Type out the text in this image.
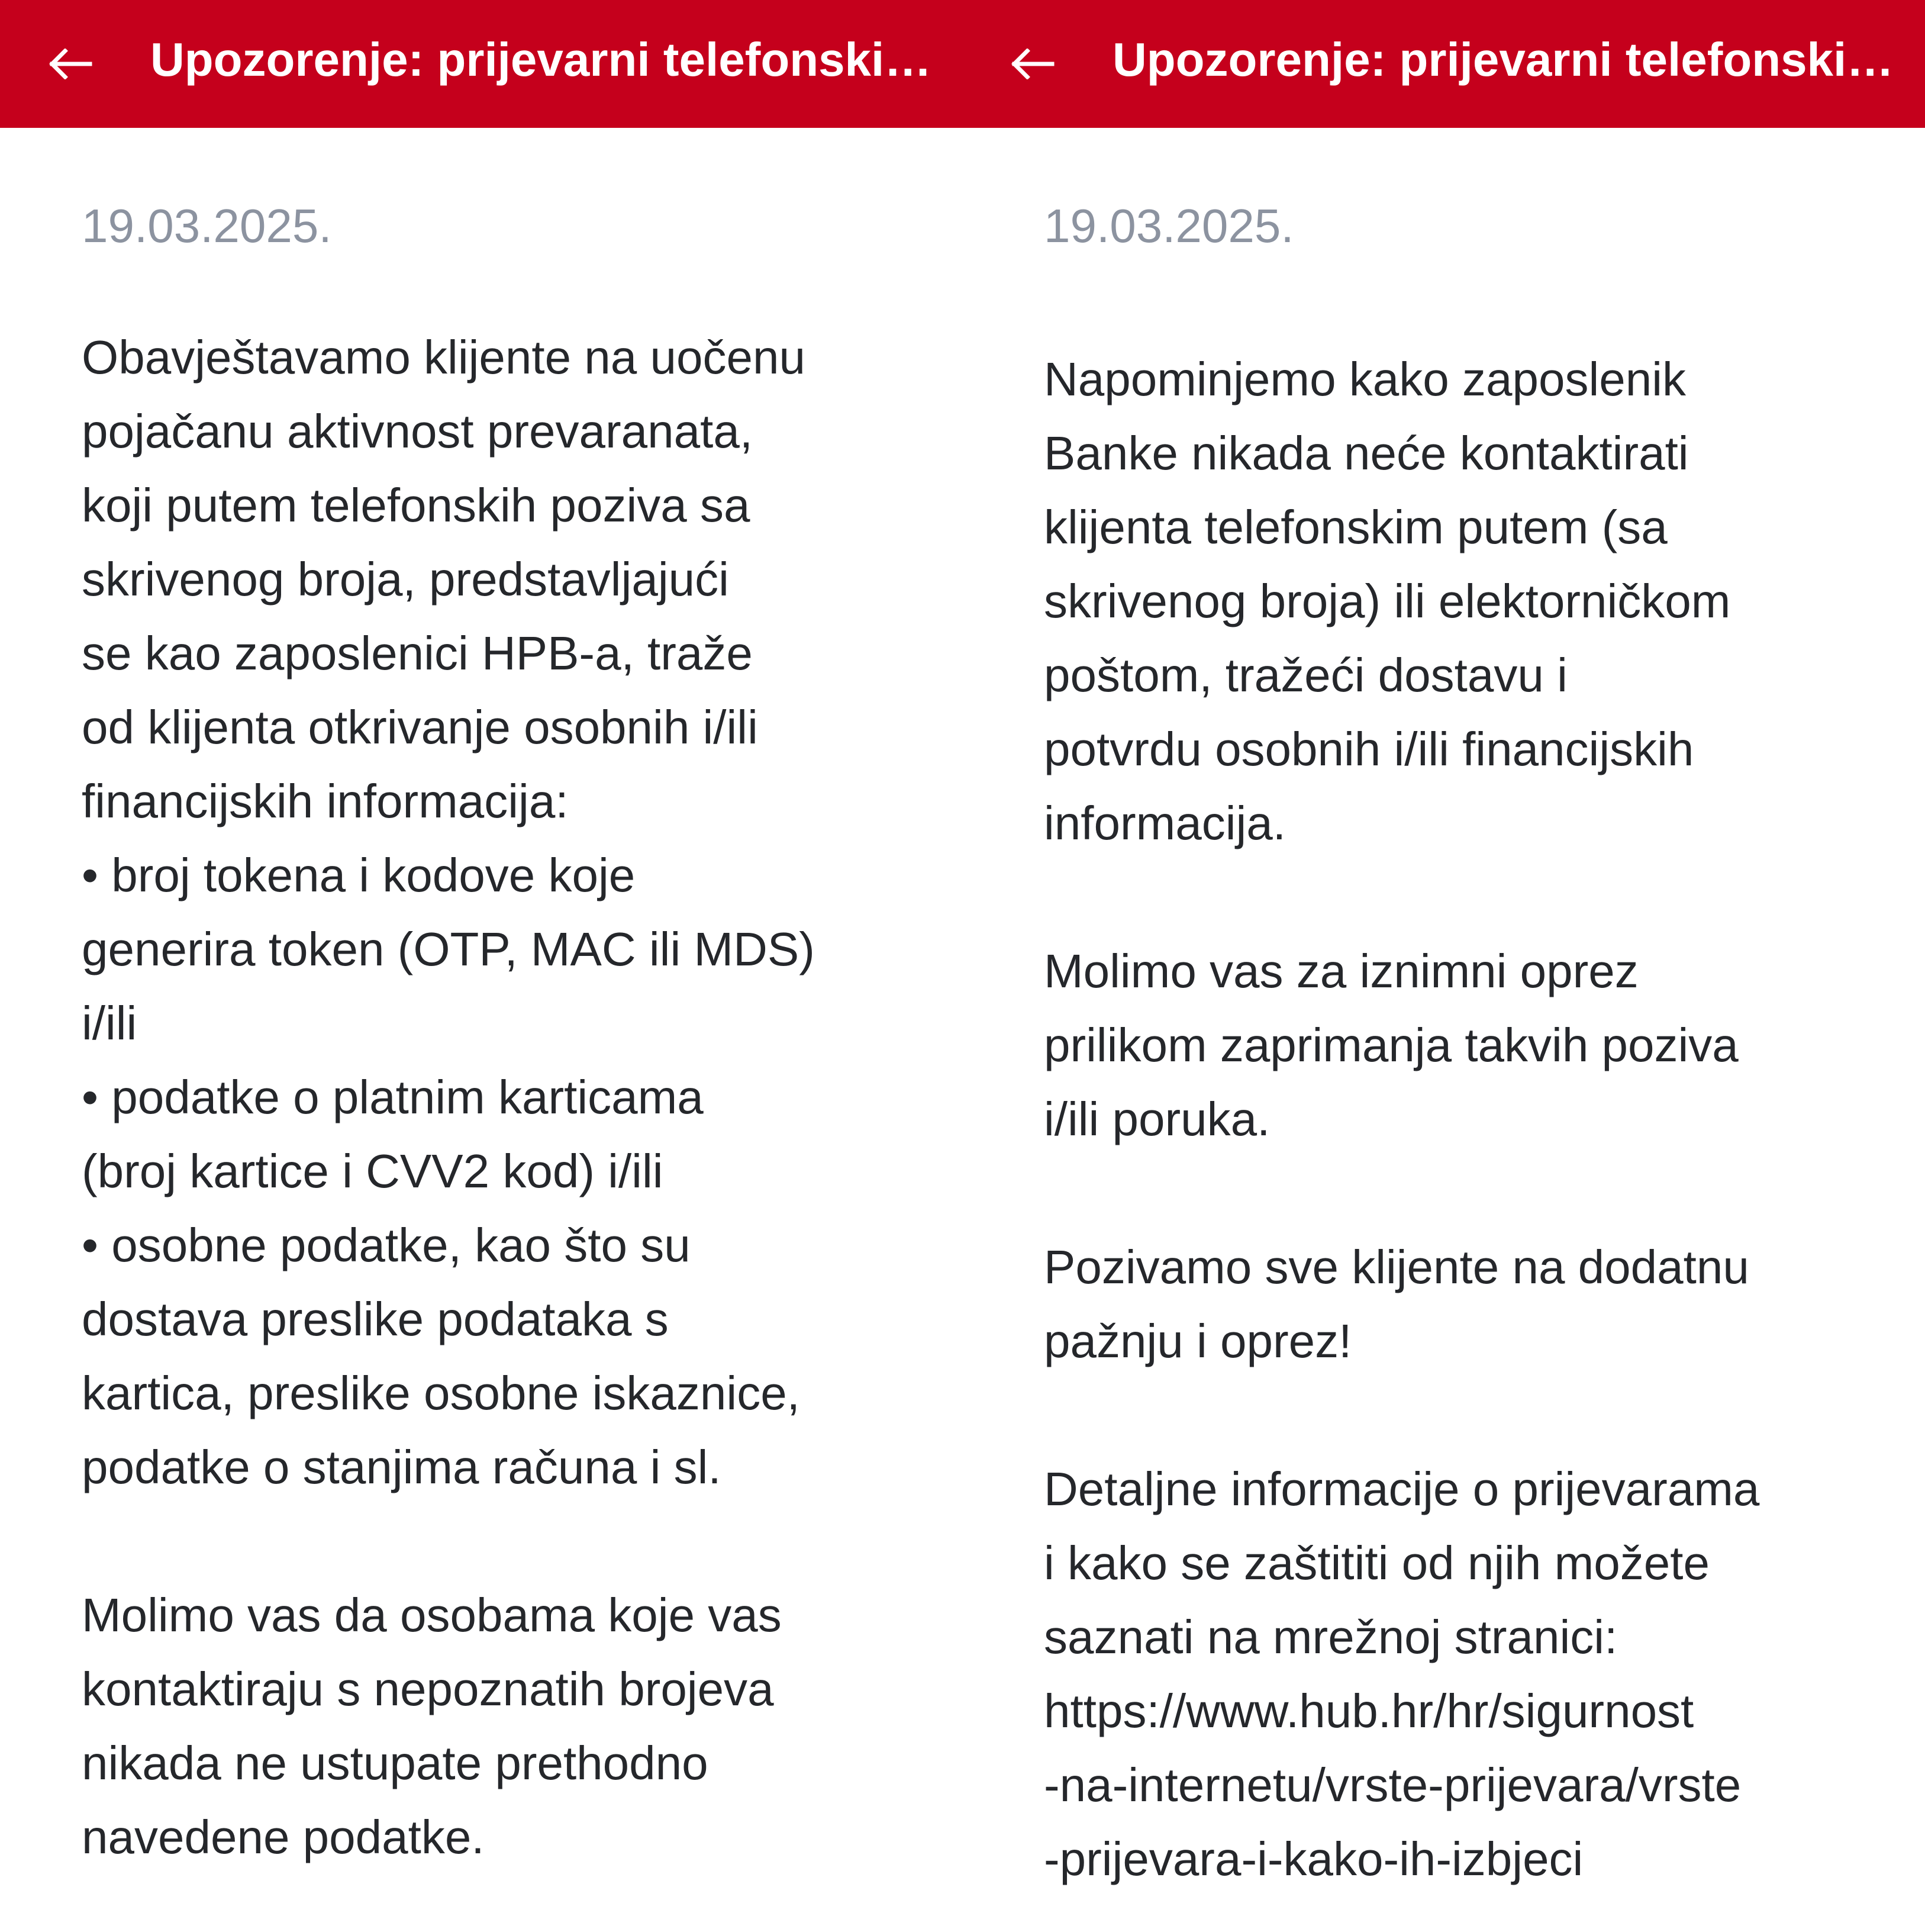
Upozorenje: prijevarni telefonski…
19.03.2025.

Obavještavamo klijente na uočenu
pojačanu aktivnost prevaranata,
koji putem telefonskih poziva sa
skrivenog broja, predstavljajući
se kao zaposlenici HPB-a, traže
od klijenta otkrivanje osobnih i/ili
financijskih informacija:
• broj tokena i kodove koje
generira token (OTP, MAC ili MDS)
i/ili
• podatke o platnim karticama
(broj kartice i CVV2 kod) i/ili
• osobne podatke, kao što su
dostava preslike podataka s
kartica, preslike osobne iskaznice,
podatke o stanjima računa i sl.

Molimo vas da osobama koje vas
kontaktiraju s nepoznatih brojeva
nikada ne ustupate prethodno
navedene podatke.

Upozorenje: prijevarni telefonski…
19.03.2025.

Napominjemo kako zaposlenik
Banke nikada neće kontaktirati
klijenta telefonskim putem (sa
skrivenog broja) ili elektorničkom
poštom, tražeći dostavu i
potvrdu osobnih i/ili financijskih
informacija.

Molimo vas za iznimni oprez
prilikom zaprimanja takvih poziva
i/ili poruka.

Pozivamo sve klijente na dodatnu
pažnju i oprez!

Detaljne informacije o prijevarama
i kako se zaštititi od njih možete
saznati na mrežnoj stranici:
https://www.hub.hr/hr/sigurnost
-na-internetu/vrste-prijevara/vrste
-prijevara-i-kako-ih-izbjeci
